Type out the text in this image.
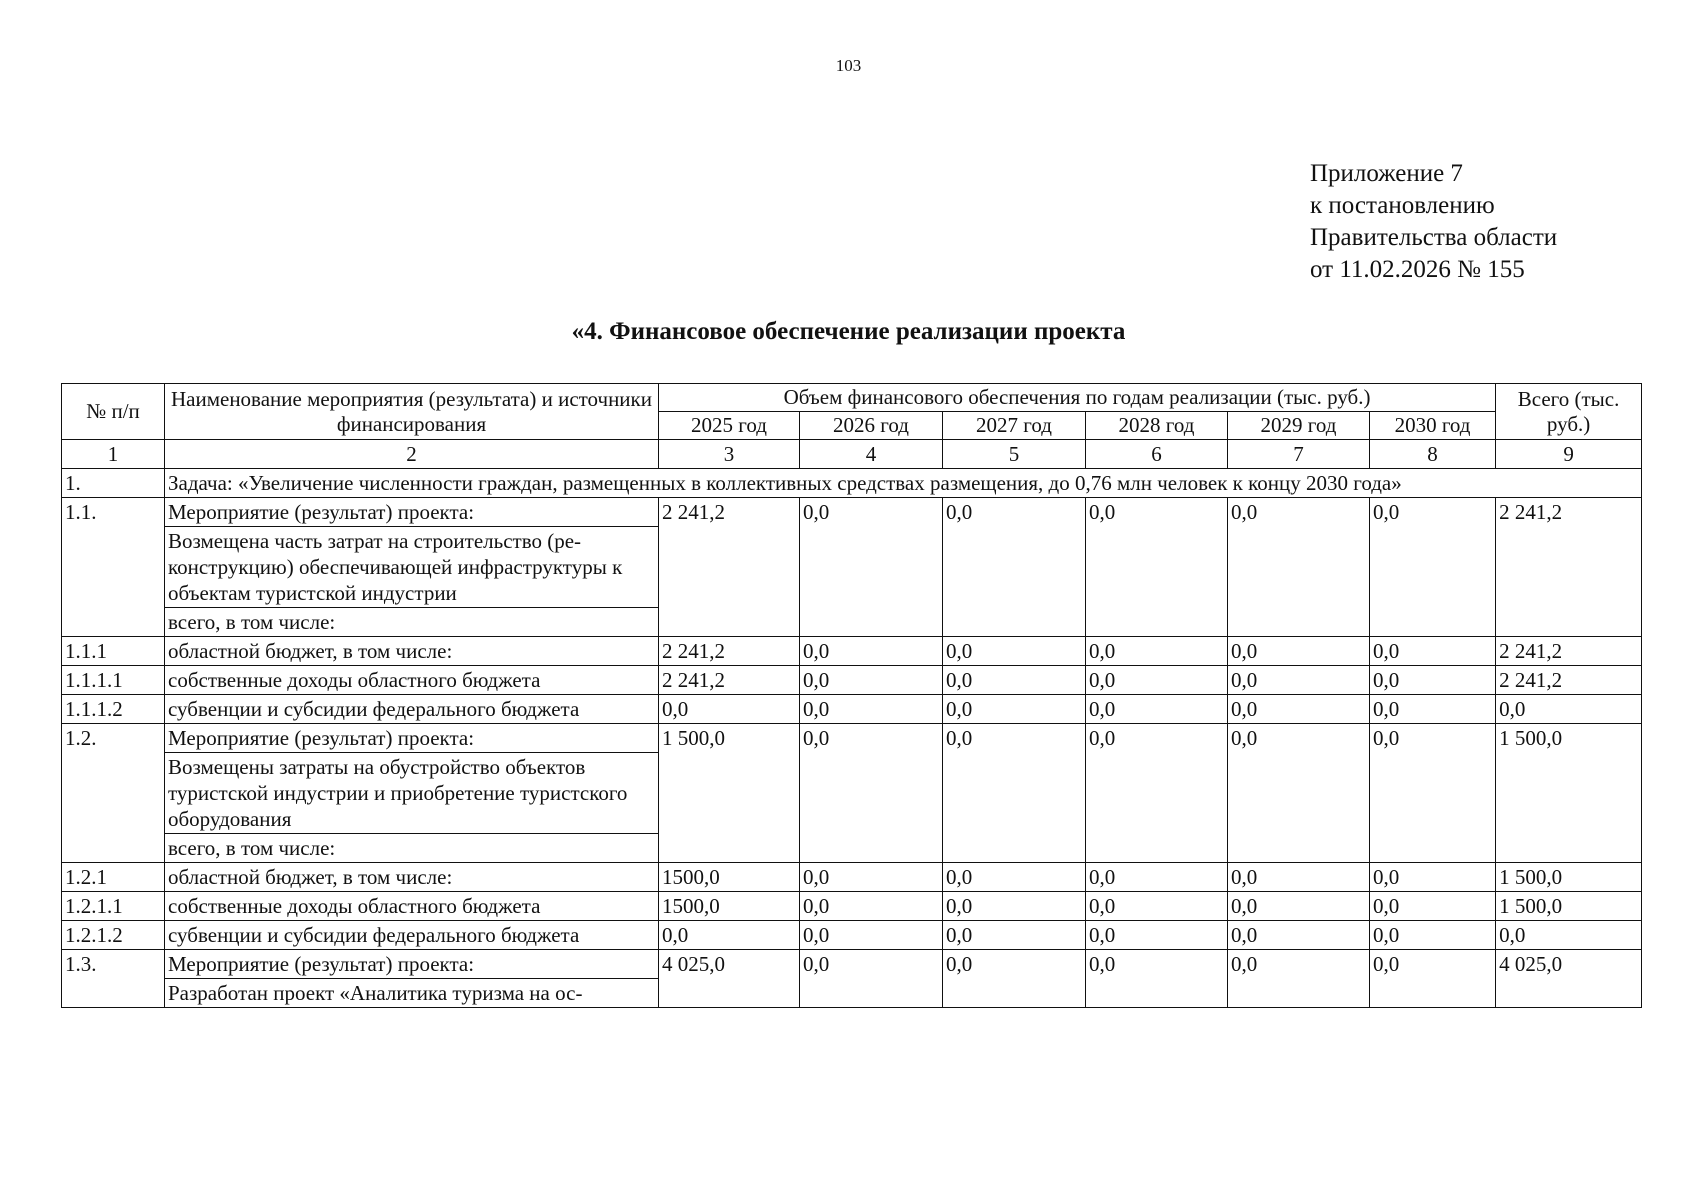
103
Приложение 7
к постановлению
Правительства области
от 11.02.2026 № 155
«4. Финансовое обеспечение реализации проекта
№ п/п	Наименование мероприятия (результата) и источники финансирования	Объем финансового обеспечения по годам реализации (тыс. руб.)						Всего (тыс. руб.)
		2025 год	2026 год	2027 год	2028 год	2029 год	2030 год	
1	2	3	4	5	6	7	8	9
1.	Задача: «Увеличение численности граждан, размещенных в коллективных средствах размещения, до 0,76 млн человек к концу 2030 года»							
1.1.	Мероприятие (результат) проекта:	2 241,2	0,0	0,0	0,0	0,0	0,0	2 241,2
	Возмещена часть затрат на строительство (реконструкцию) обеспечивающей инфраструктуры к объектам туристской индустрии							
	всего, в том числе:							
1.1.1	областной бюджет, в том числе:	2 241,2	0,0	0,0	0,0	0,0	0,0	2 241,2
1.1.1.1	собственные доходы областного бюджета	2 241,2	0,0	0,0	0,0	0,0	0,0	2 241,2
1.1.1.2	субвенции и субсидии федерального бюджета	0,0	0,0	0,0	0,0	0,0	0,0	0,0
1.2.	Мероприятие (результат) проекта:	1 500,0	0,0	0,0	0,0	0,0	0,0	1 500,0
	Возмещены затраты на обустройство объектов туристской индустрии и приобретение туристского оборудования							
	всего, в том числе:							
1.2.1	областной бюджет, в том числе:	1500,0	0,0	0,0	0,0	0,0	0,0	1 500,0
1.2.1.1	собственные доходы областного бюджета	1500,0	0,0	0,0	0,0	0,0	0,0	1 500,0
1.2.1.2	субвенции и субсидии федерального бюджета	0,0	0,0	0,0	0,0	0,0	0,0	0,0
1.3.	Мероприятие (результат) проекта:	4 025,0	0,0	0,0	0,0	0,0	0,0	4 025,0
	Разработан проект «Аналитика туризма на ос-							
